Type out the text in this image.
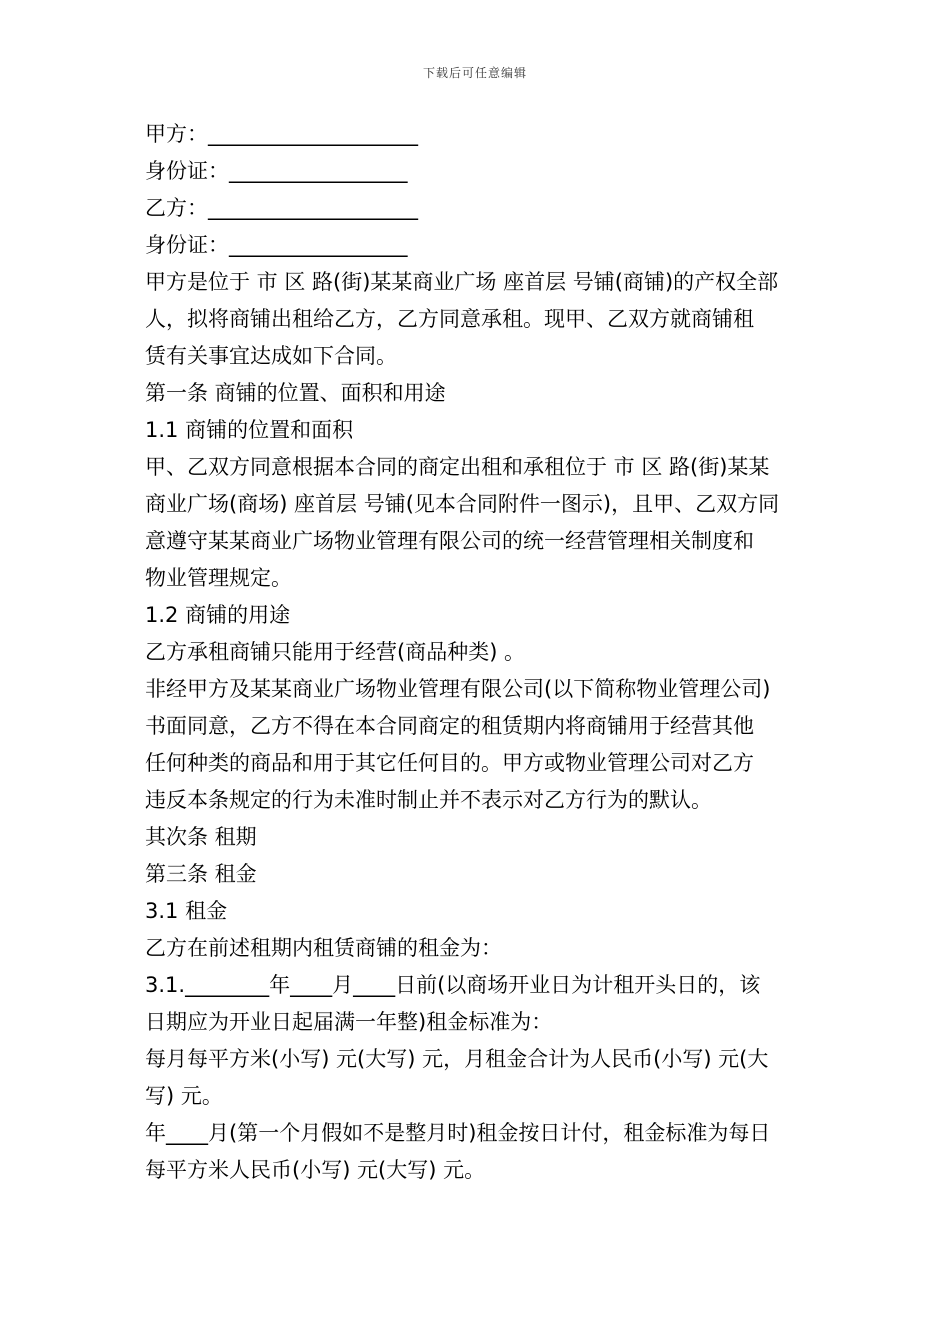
下载后可任意编辑
甲方：____________________
身份证：_________________
乙方：____________________
身份证：_________________
甲方是位于 市 区 路(街)某某商业广场 座首层 号铺(商铺)的产权全部
人，拟将商铺出租给乙方，乙方同意承租。现甲、乙双方就商铺租
赁有关事宜达成如下合同。
第一条 商铺的位置、面积和用途
1.1 商铺的位置和面积
甲、乙双方同意根据本合同的商定出租和承租位于 市 区 路(街)某某
商业广场(商场) 座首层 号铺(见本合同附件一图示)，且甲、乙双方同
意遵守某某商业广场物业管理有限公司的统一经营管理相关制度和
物业管理规定。
1.2 商铺的用途
乙方承租商铺只能用于经营(商品种类) 。
非经甲方及某某商业广场物业管理有限公司(以下简称物业管理公司)
书面同意，乙方不得在本合同商定的租赁期内将商铺用于经营其他
任何种类的商品和用于其它任何目的。甲方或物业管理公司对乙方
违反本条规定的行为未准时制止并不表示对乙方行为的默认。
其次条 租期
第三条 租金
3.1 租金
乙方在前述租期内租赁商铺的租金为：
3.1.________年____月____日前(以商场开业日为计租开头日的，该
日期应为开业日起届满一年整)租金标准为：
每月每平方米(小写) 元(大写) 元，月租金合计为人民币(小写) 元(大
写) 元。
年____月(第一个月假如不是整月时)租金按日计付，租金标准为每日
每平方米人民币(小写) 元(大写) 元。
